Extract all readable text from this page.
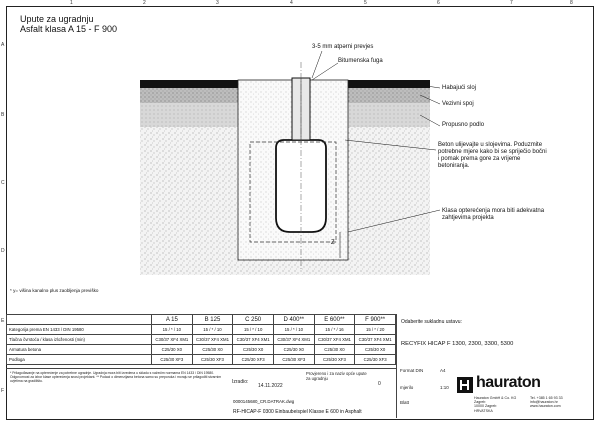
1	2	3	4	5	6	7	8
A
B
C
D
E
F
Upute za ugradnju
Asfalt klasa A 15 - F 900
3-5 mm atpərni prevjes
Bitumenska fuga
Habajući sloj
Vezivni spoj
Propusno podlo
Beton ulijevajte u slojevima. Poduzmite potrebne mjere kako bi se spriječio bočni i pomak prema gore za vrijeme betoniranja.
Klasa opterećenja mora biti adekvatna zahtjevima projekta
Z
* y= višina kanalnə plus zaobljenja previško
	A 15	B 125	C 250	D 400**	E 600**	F 900**
Kategorija prema EN 1433 / DIN 19580	15 / * / 10	15 / * / 10	15 / * / 10	15 / * / 10	15 / * / 16	15 / * / 20
Tlačna čvrstoća / klasa izloženosti (min)	C30/37 XF4 XM1	C30/37 XF4 XM1	C30/37 XF4 XM1	C30/37 XF4 XM1	C30/37 XF4 XM1	C30/37 XF4 XM1
Armatura betona	C25/30 X0	C25/30 X0	C25/30 X0	C25/30 X0	C25/30 X0	C25/30 X0
Podloga	C25/30 XF3	C25/30 XF3	C25/30 XF3	C25/30 XF3	C25/30 XF3	C25/30 XF3
* Prilagođavanje na opterećenje za potrebne ugradnje. Ugradnja mora biti izvedena u skladu s važećim normama EN 1433 / DIN 19580. Odgovornost za izbor klase opterećenja snosi projektant. ** Podaci o dimenzijama betona samo su preporuka i moraju se prilagoditi stvarnim uvjetima na gradilištu.	Izradio:
14.11.2022
Provjereno i za naziv opće upute za ugradnju
0
Odaberite sukladnu ustavu:
RECYFIX HICAP F 1300, 2300, 3300, 5300
Format DIN	A4
mjerilo	1:10
Blatt
hauraton
Hauraton GmbH & Co. KG
Zagreb
10000 Zagreb
HRVATSKA
Tel. +385 1 65 93 33
info@hauraton.hr
www.hauraton.com
0000145680_CR.DATRAK.dwg
RF-HICAP-F 0300 Einbaubeispiel Klasse E 600 in Asphalt
